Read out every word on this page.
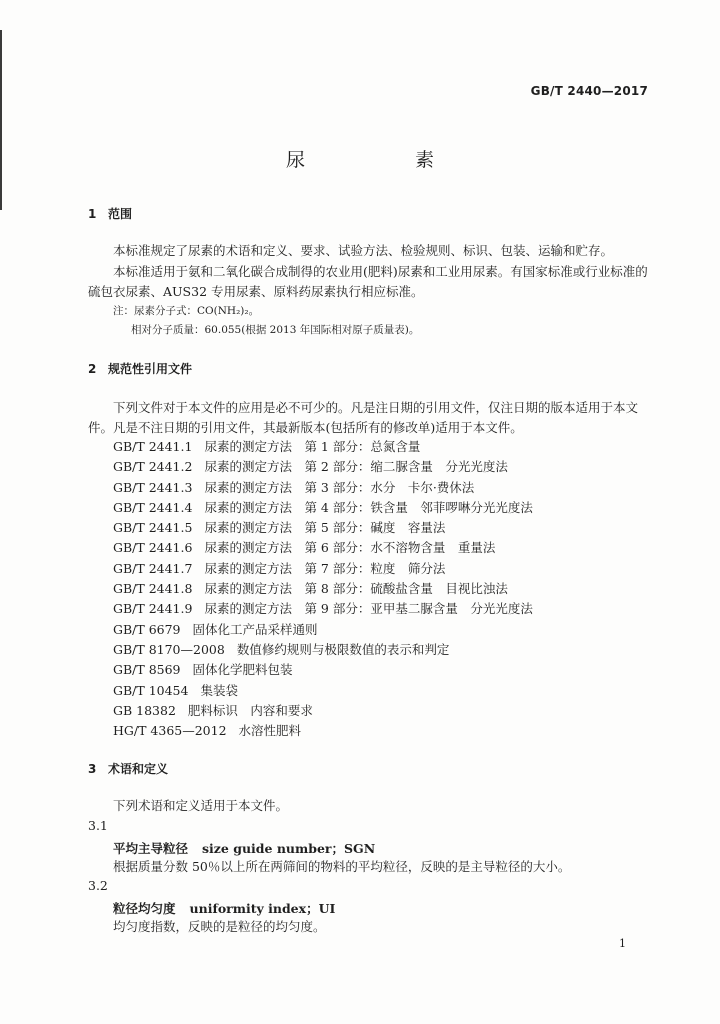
GB/T 2440—2017
尿 素
1 范围
本标准规定了尿素的术语和定义、要求、试验方法、检验规则、标识、包装、运输和贮存。
本标准适用于氨和二氧化碳合成制得的农业用(肥料)尿素和工业用尿素。有国家标准或行业标准的硫包衣尿素、AUS32 专用尿素、原料药尿素执行相应标准。
注：尿素分子式：CO(NH₂)₂。
相对分子质量：60.055(根据 2013 年国际相对原子质量表)。
2 规范性引用文件
下列文件对于本文件的应用是必不可少的。凡是注日期的引用文件，仅注日期的版本适用于本文件。凡是不注日期的引用文件，其最新版本(包括所有的修改单)适用于本文件。
GB/T 2441.1 尿素的测定方法　第 1 部分：总氮含量
GB/T 2441.2 尿素的测定方法　第 2 部分：缩二脲含量　分光光度法
GB/T 2441.3 尿素的测定方法　第 3 部分：水分　卡尔·费休法
GB/T 2441.4 尿素的测定方法　第 4 部分：铁含量　邻菲啰啉分光光度法
GB/T 2441.5 尿素的测定方法　第 5 部分：碱度　容量法
GB/T 2441.6 尿素的测定方法　第 6 部分：水不溶物含量　重量法
GB/T 2441.7 尿素的测定方法　第 7 部分：粒度　筛分法
GB/T 2441.8 尿素的测定方法　第 8 部分：硫酸盐含量　目视比浊法
GB/T 2441.9 尿素的测定方法　第 9 部分：亚甲基二脲含量　分光光度法
GB/T 6679 固体化工产品采样通则
GB/T 8170—2008 数值修约规则与极限数值的表示和判定
GB/T 8569 固体化学肥料包装
GB/T 10454 集装袋
GB 18382 肥料标识　内容和要求
HG/T 4365—2012 水溶性肥料
3 术语和定义
下列术语和定义适用于本文件。
3.1
平均主导粒径 size guide number；SGN
根据质量分数 50％以上所在两筛间的物料的平均粒径，反映的是主导粒径的大小。
3.2
粒径均匀度 uniformity index；UI
均匀度指数，反映的是粒径的均匀度。
1
